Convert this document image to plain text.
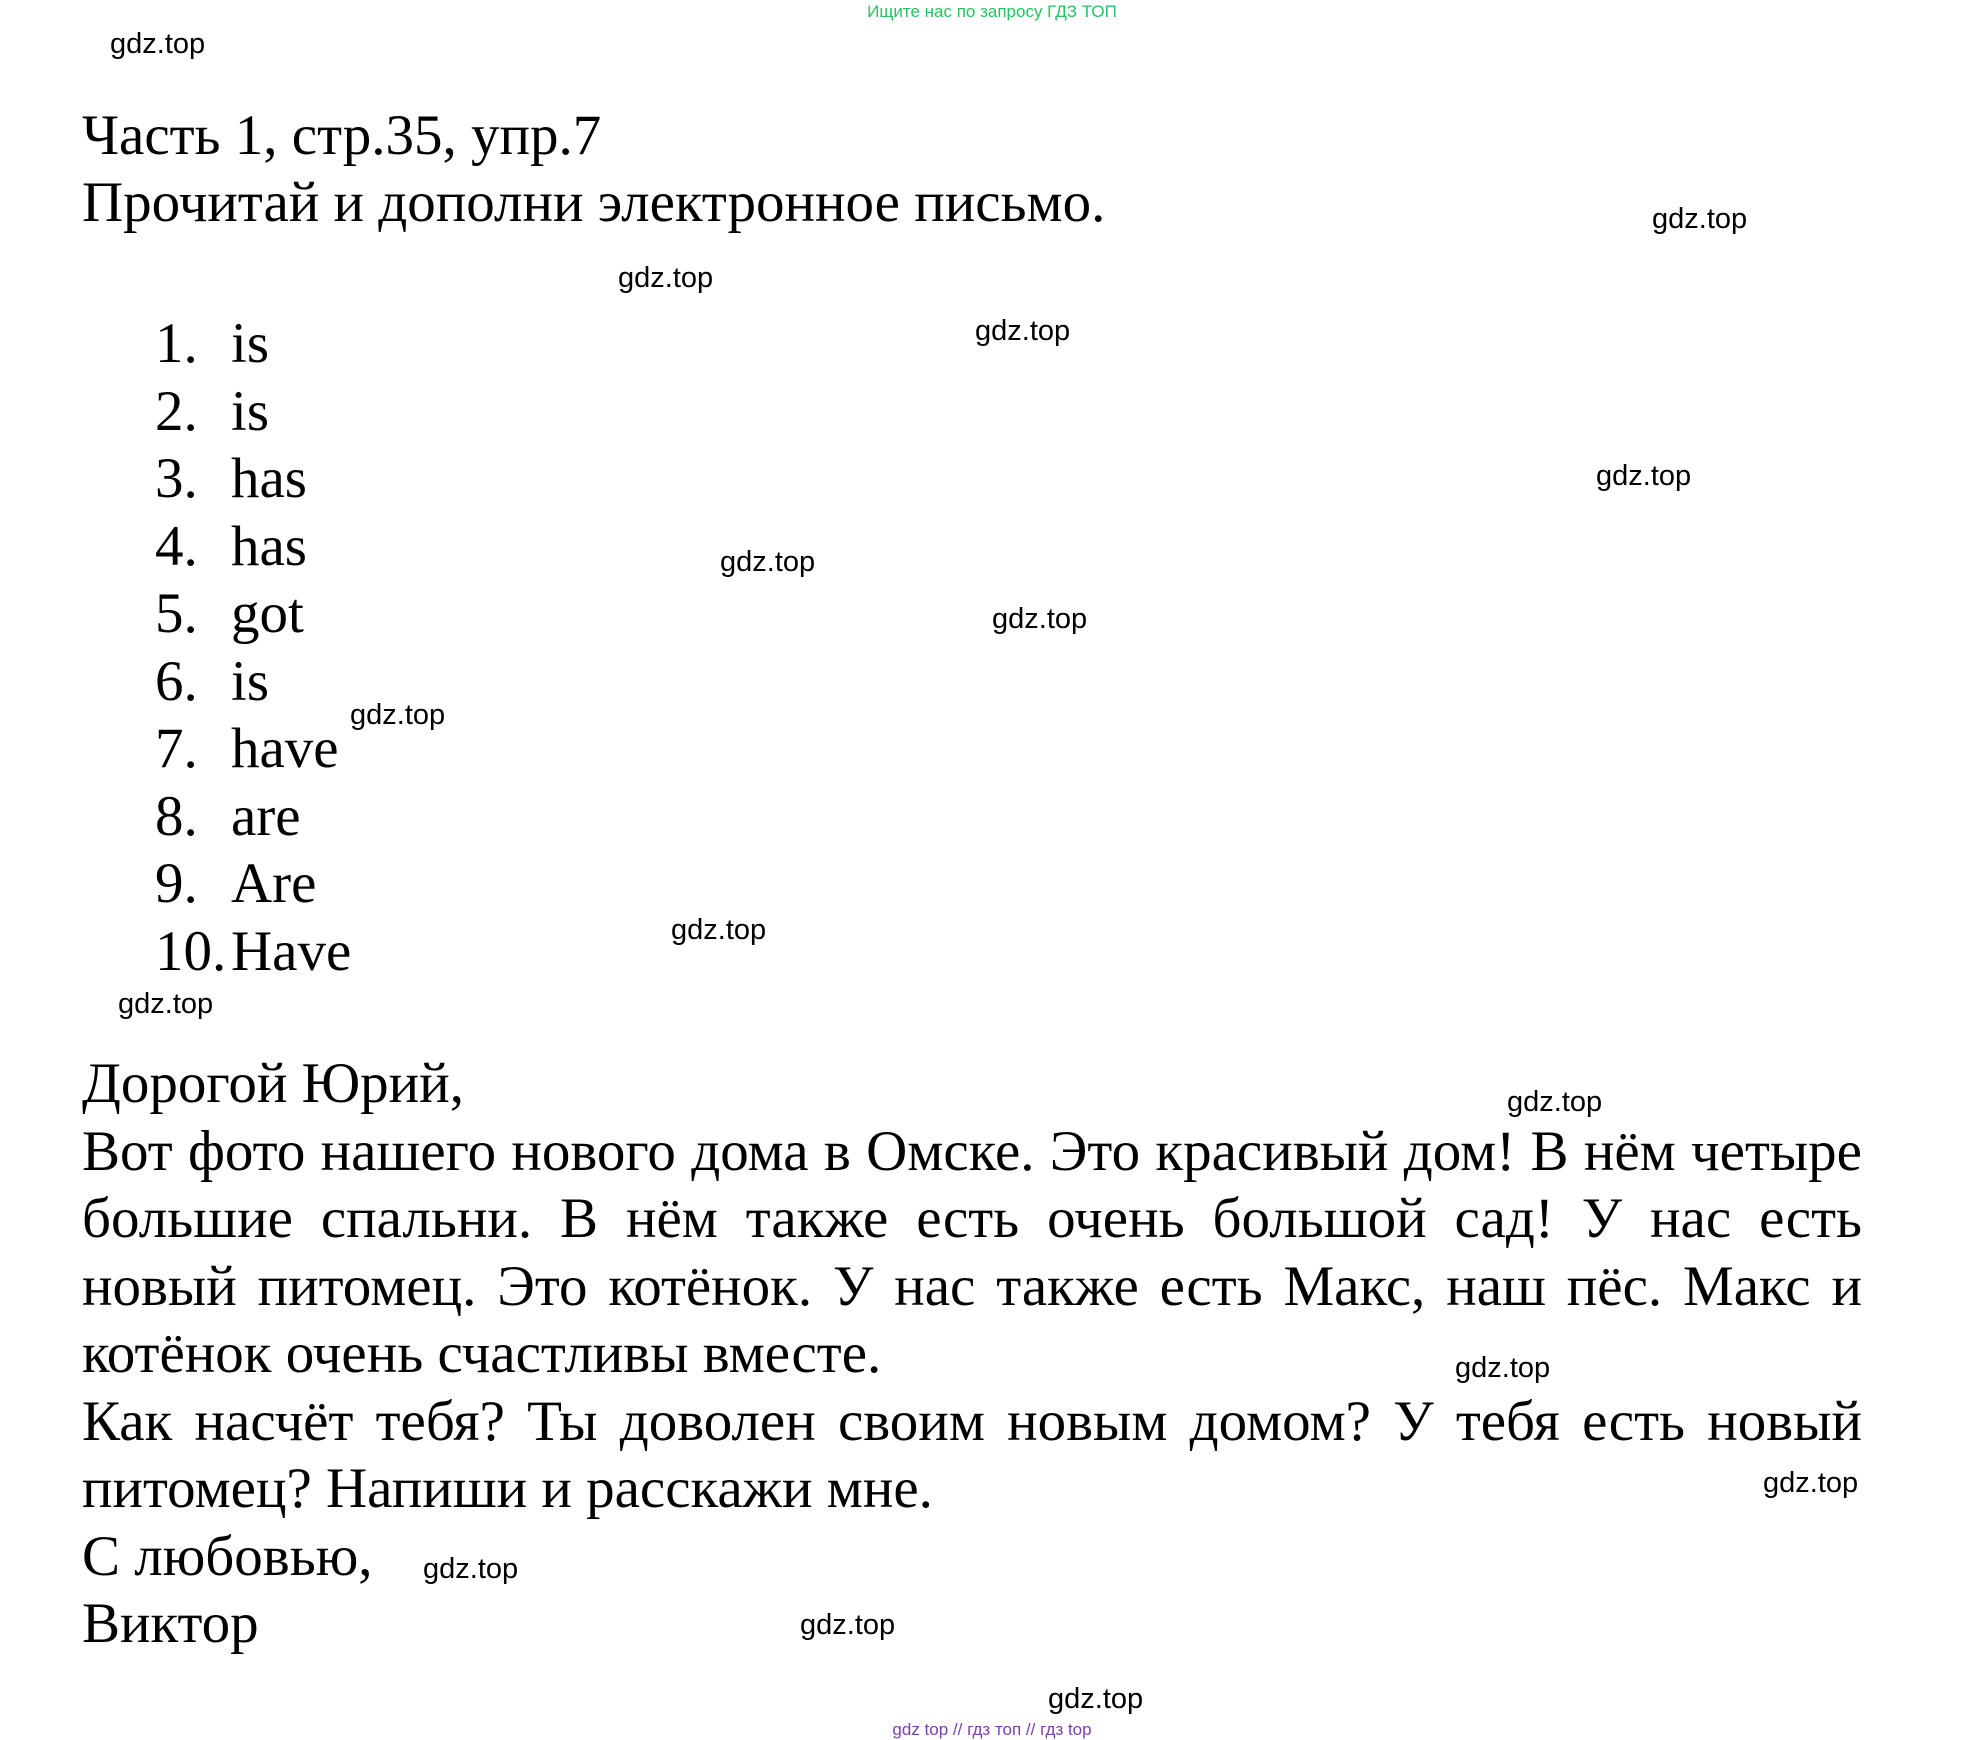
Ищите нас по запросу ГДЗ ТОП
gdz.top
gdz.top
gdz.top
gdz.top
gdz.top
gdz.top
gdz.top
gdz.top
gdz.top
gdz.top
gdz.top
gdz.top
gdz.top
gdz.top
gdz.top
gdz.top
Часть 1, стр.35, упр.7
Прочитай и дополни электронное письмо.
1. is
2. is
3. has
4. has
5. got
6. is
7. have
8. are
9. Are
10.Have

Дорогой Юрий,

Вот фото нашего нового дома в Омске. Это красивый дом! В нём четыре большие спальни. В нём также есть очень большой сад! У нас есть новый питомец. Это котёнок. У нас также есть Макс, наш пёс. Макс и котёнок очень счастливы вместе.

Как насчёт тебя? Ты доволен своим новым домом? У тебя есть новый питомец? Напиши и расскажи мне.

С любовью,

Виктор

gdz top // гдз топ // гдз top
